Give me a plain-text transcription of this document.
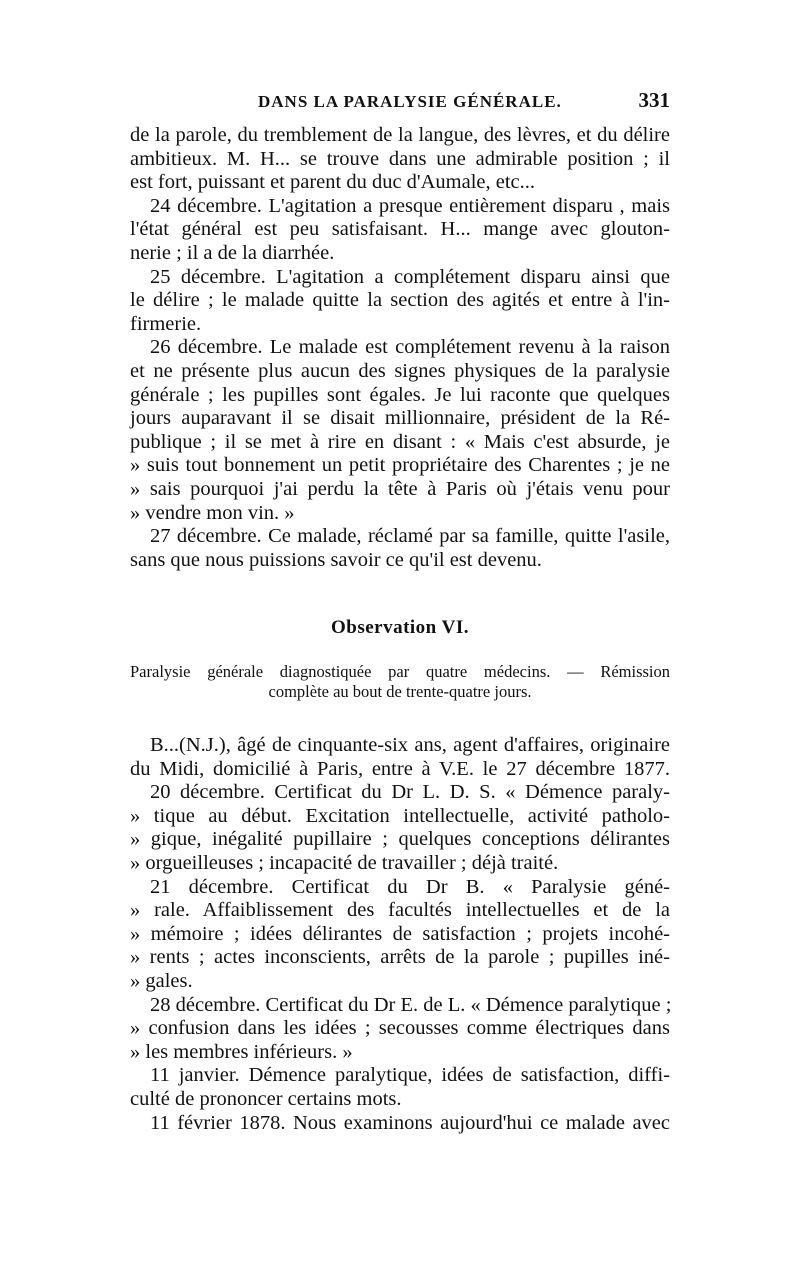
DANS LA PARALYSIE GÉNÉRALE.	331
de la parole, du tremblement de la langue, des lèvres, et du délire
ambitieux. M. H... se trouve dans une admirable position ; il
est fort, puissant et parent du duc d'Aumale, etc...
24 décembre. L'agitation a presque entièrement disparu , mais
l'état général est peu satisfaisant. H... mange avec glouton-
nerie ; il a de la diarrhée.
25 décembre. L'agitation a complétement disparu ainsi que
le délire ; le malade quitte la section des agités et entre à l'in-
firmerie.
26 décembre. Le malade est complétement revenu à la raison
et ne présente plus aucun des signes physiques de la paralysie
générale ; les pupilles sont égales. Je lui raconte que quelques
jours auparavant il se disait millionnaire, président de la Ré-
publique ; il se met à rire en disant : « Mais c'est absurde, je
» suis tout bonnement un petit propriétaire des Charentes ; je ne
» sais pourquoi j'ai perdu la tête à Paris où j'étais venu pour
» vendre mon vin. »
27 décembre. Ce malade, réclamé par sa famille, quitte l'asile,
sans que nous puissions savoir ce qu'il est devenu.
Observation VI.
Paralysie générale diagnostiquée par quatre médecins. — Rémission
complète au bout de trente-quatre jours.
B...(N.J.), âgé de cinquante-six ans, agent d'affaires, originaire
du Midi, domicilié à Paris, entre à V.E. le 27 décembre 1877.
20 décembre. Certificat du Dr L. D. S. « Démence paraly-
» tique au début. Excitation intellectuelle, activité patholo-
» gique, inégalité pupillaire ; quelques conceptions délirantes
» orgueilleuses ; incapacité de travailler ; déjà traité.
21 décembre. Certificat du Dr B. « Paralysie géné-
» rale. Affaiblissement des facultés intellectuelles et de la
» mémoire ; idées délirantes de satisfaction ; projets incohé-
» rents ; actes inconscients, arrêts de la parole ; pupilles iné-
» gales.
28 décembre. Certificat du Dr E. de L. « Démence paralytique ;
» confusion dans les idées ; secousses comme électriques dans
» les membres inférieurs. »
11 janvier. Démence paralytique, idées de satisfaction, diffi-
culté de prononcer certains mots.
11 février 1878. Nous examinons aujourd'hui ce malade avec
